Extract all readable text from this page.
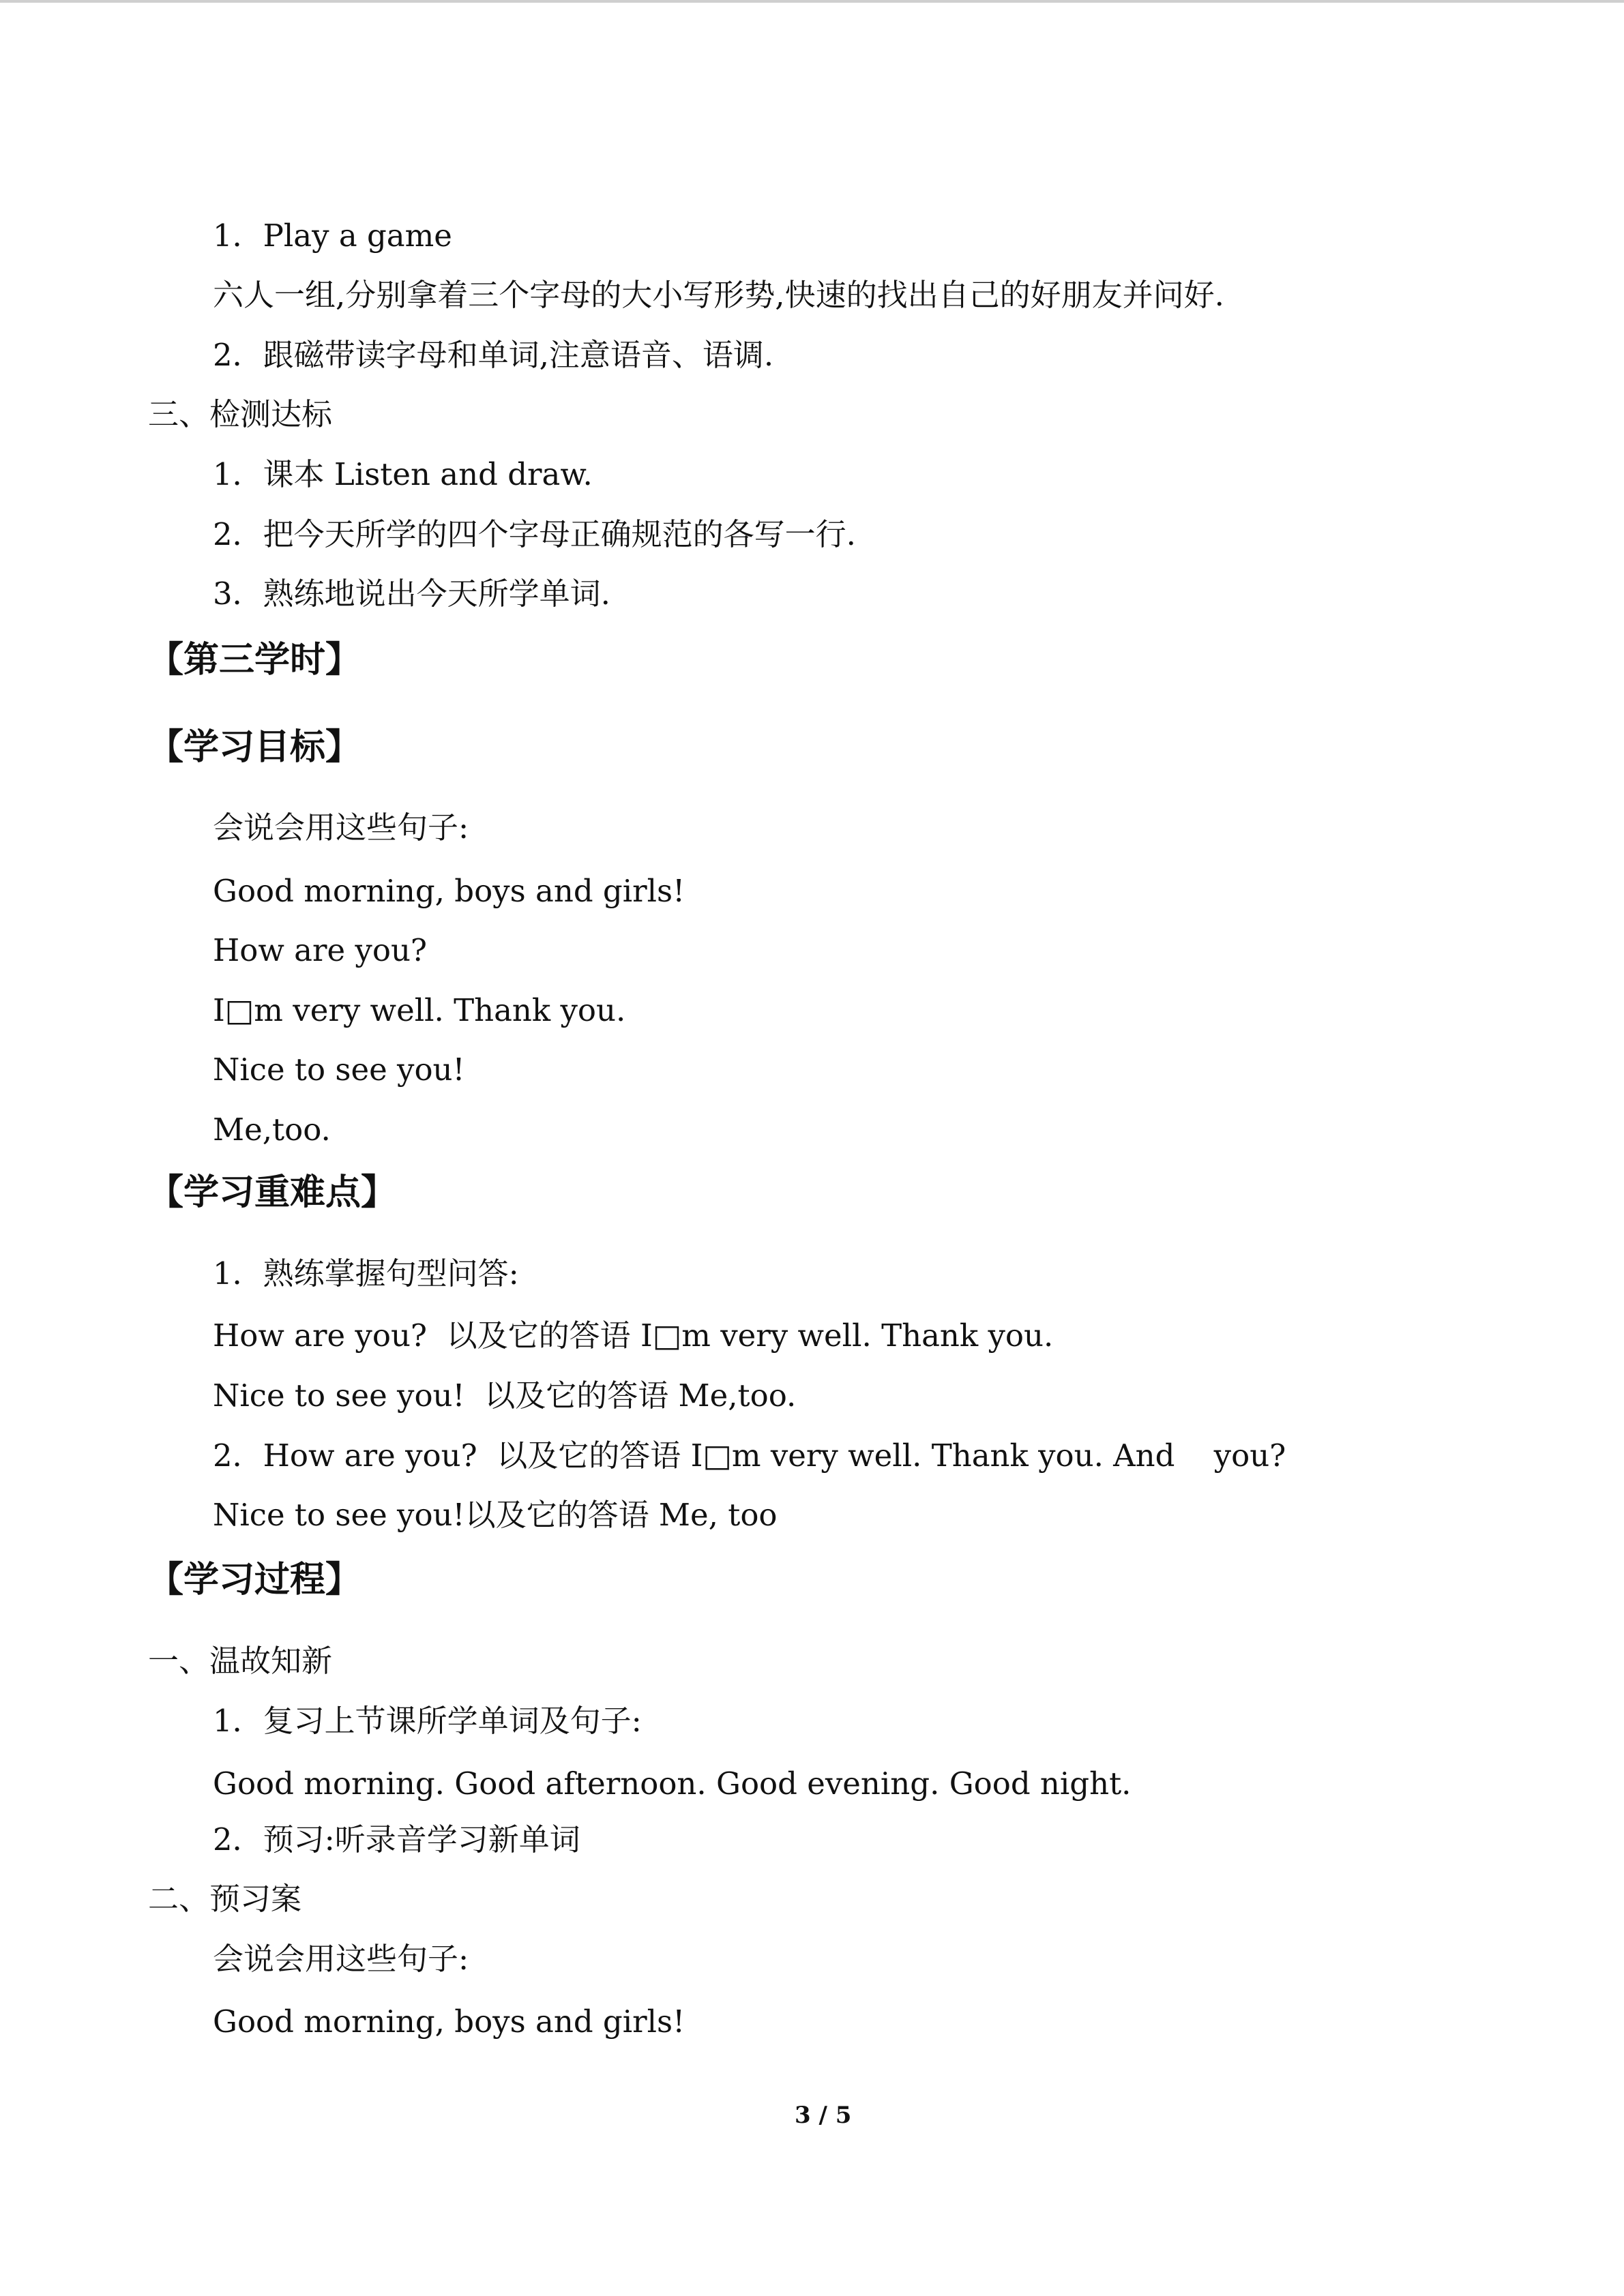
1．Play a game
六人一组,分别拿着三个字母的大小写形势,快速的找出自己的好朋友并问好.
2．跟磁带读字母和单词,注意语音、语调.
三、检测达标
1．课本 Listen and draw.
2．把今天所学的四个字母正确规范的各写一行.
3．熟练地说出今天所学单词.
【第三学时】
【学习目标】
会说会用这些句子:
Good morning, boys and girls!
How are you?
I□m very well. Thank you.
Nice to see you!
Me,too.
【学习重难点】
1．熟练掌握句型问答:
How are you?  以及它的答语 I□m very well. Thank you.
Nice to see you!  以及它的答语 Me,too.
2．How are you?  以及它的答语 I□m very well. Thank you. And    you?
Nice to see you!以及它的答语 Me, too
【学习过程】
一、温故知新
1．复习上节课所学单词及句子:
Good morning. Good afternoon. Good evening. Good night.
2．预习:听录音学习新单词
二、预习案
会说会用这些句子:
Good morning, boys and girls!
3 / 5
